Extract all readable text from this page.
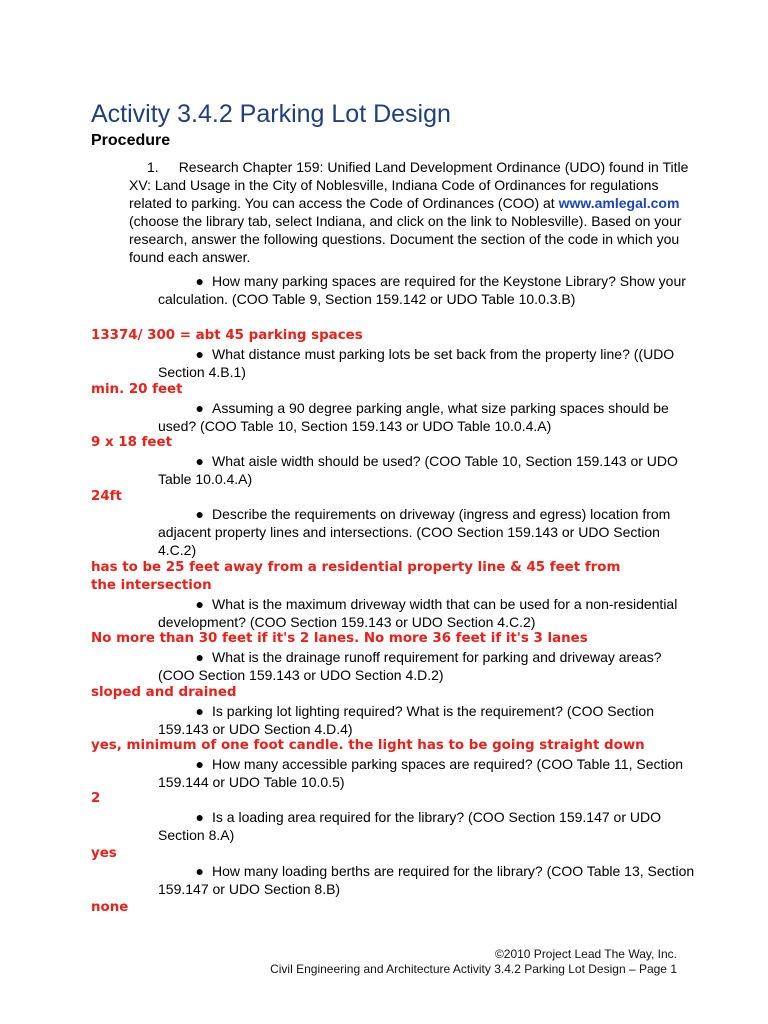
Activity 3.4.2 Parking Lot Design
Procedure

1. Research Chapter 159: Unified Land Development Ordinance (UDO) found in Title XV: Land Usage in the City of Noblesville, Indiana Code of Ordinances for regulations related to parking. You can access the Code of Ordinances (COO) at www.amlegal.com (choose the library tab, select Indiana, and click on the link to Noblesville). Based on your research, answer the following questions. Document the section of the code in which you found each answer.

● How many parking spaces are required for the Keystone Library? Show your calculation. (COO Table 9, Section 159.142 or UDO Table 10.0.3.B)

13374/ 300 = abt 45 parking spaces

● What distance must parking lots be set back from the property line? ((UDO Section 4.B.1)

min. 20 feet

● Assuming a 90 degree parking angle, what size parking spaces should be used? (COO Table 10, Section 159.143 or UDO Table 10.0.4.A)

9 x 18 feet

● What aisle width should be used? (COO Table 10, Section 159.143 or UDO Table 10.0.4.A)

24ft

● Describe the requirements on driveway (ingress and egress) location from adjacent property lines and intersections. (COO Section 159.143 or UDO Section 4.C.2)

has to be 25 feet away from a residential property line & 45 feet from the intersection

● What is the maximum driveway width that can be used for a non-residential development? (COO Section 159.143 or UDO Section 4.C.2)

No more than 30 feet if it's 2 lanes. No more 36 feet if it's 3 lanes

● What is the drainage runoff requirement for parking and driveway areas? (COO Section 159.143 or UDO Section 4.D.2)

sloped and drained

● Is parking lot lighting required? What is the requirement? (COO Section 159.143 or UDO Section 4.D.4)

yes, minimum of one foot candle. the light has to be going straight down

● How many accessible parking spaces are required? (COO Table 11, Section 159.144 or UDO Table 10.0.5)

2

● Is a loading area required for the library? (COO Section 159.147 or UDO Section 8.A)

yes

● How many loading berths are required for the library? (COO Table 13, Section 159.147 or UDO Section 8.B)

none

©2010 Project Lead The Way, Inc.
Civil Engineering and Architecture Activity 3.4.2 Parking Lot Design – Page 1
